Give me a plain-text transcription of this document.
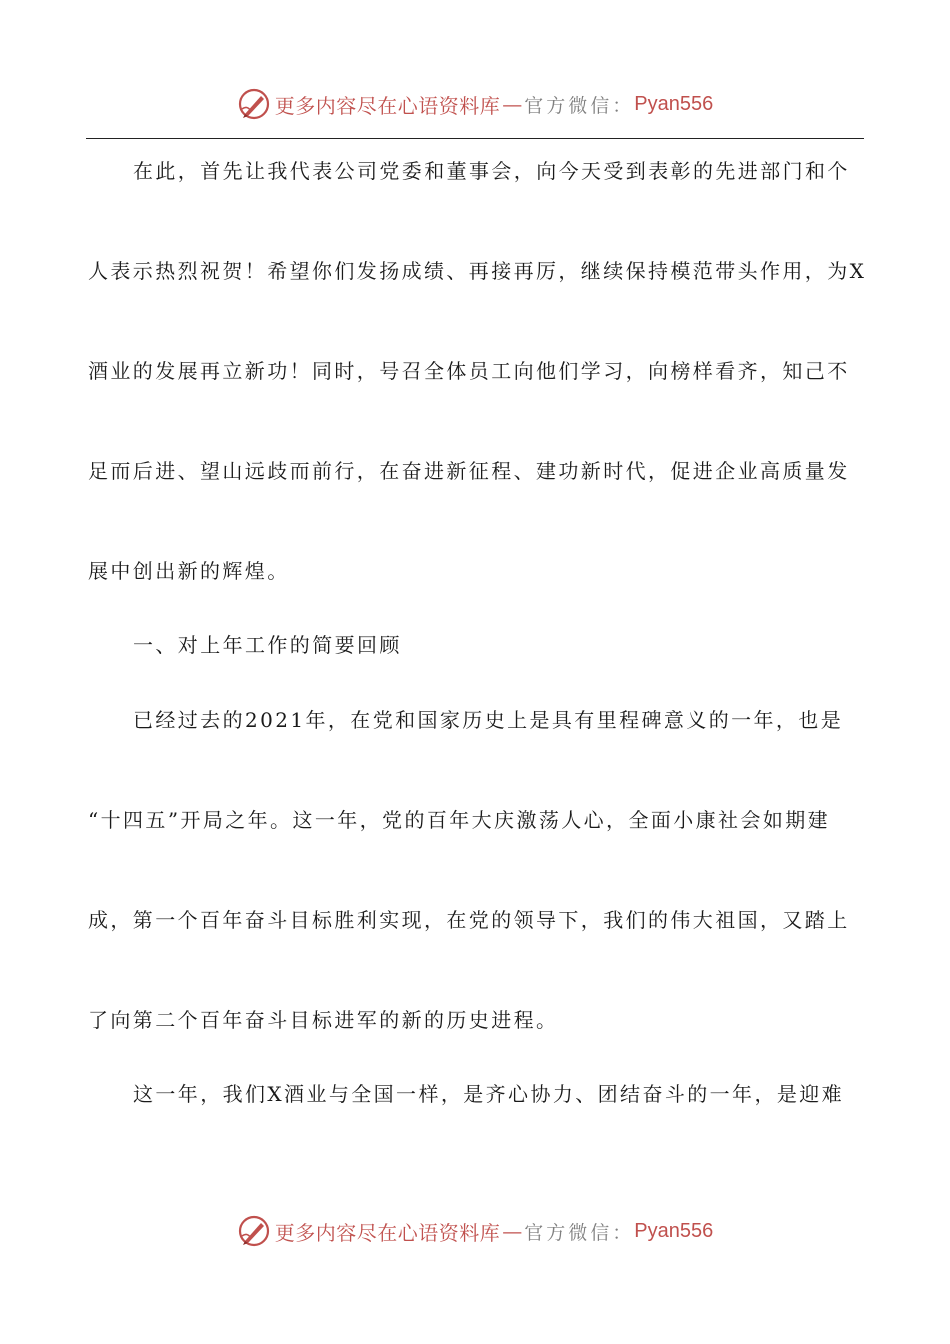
更多内容尽在心语资料库 — 官方微信： Pyan556
在此，首先让我代表公司党委和董事会，向今天受到表彰的先进部门和个
人表示热烈祝贺！希望你们发扬成绩、再接再厉，继续保持模范带头作用，为X
酒业的发展再立新功！同时，号召全体员工向他们学习，向榜样看齐，知己不
足而后进、望山远歧而前行，在奋进新征程、建功新时代，促进企业高质量发
展中创出新的辉煌。
一、对上年工作的简要回顾
已经过去的2021年，在党和国家历史上是具有里程碑意义的一年，也是
“十四五”开局之年。这一年，党的百年大庆激荡人心，全面小康社会如期建
成，第一个百年奋斗目标胜利实现，在党的领导下，我们的伟大祖国，又踏上
了向第二个百年奋斗目标进军的新的历史进程。
这一年，我们X酒业与全国一样，是齐心协力、团结奋斗的一年，是迎难
更多内容尽在心语资料库 — 官方微信： Pyan556
